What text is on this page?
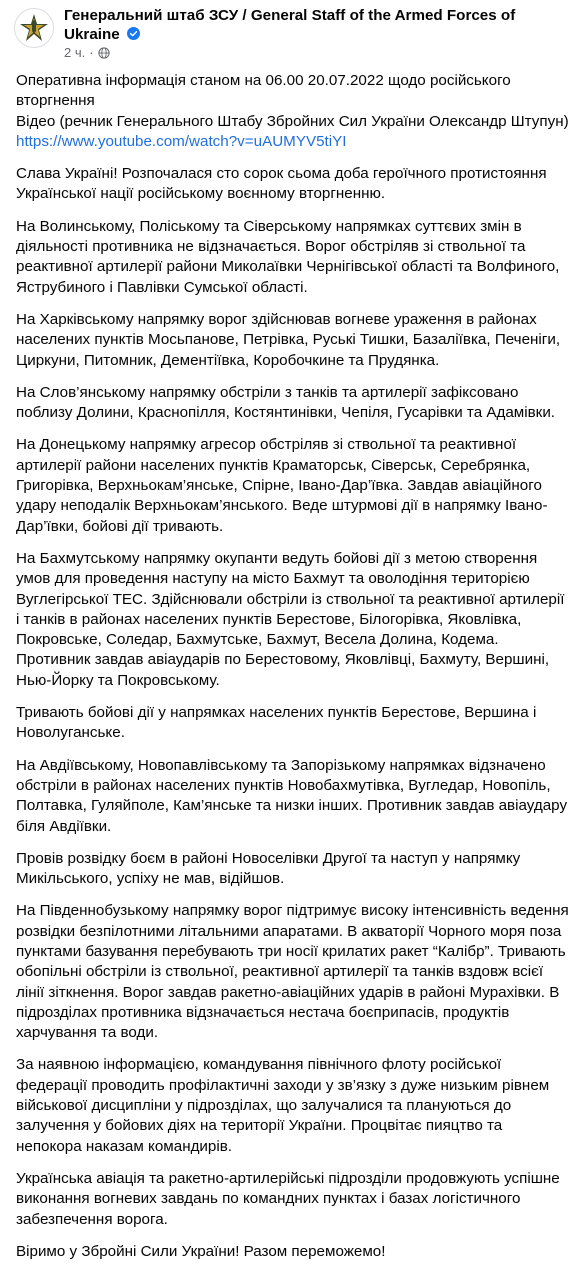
Генеральний штаб ЗСУ / General Staff of the Armed Forces of Ukraine
2 ч. ·

Оперативна інформація станом на 06.00 20.07.2022 щодо російського вторгнення
Відео (речник Генерального Штабу Збройних Сил України Олександр Штупун)
https://www.youtube.com/watch?v=uAUMYV5tiYI

Слава Україні! Розпочалася сто сорок сьома доба героїчного протистояння Української нації російському воєнному вторгненню.

На Волинському, Поліському та Сіверському напрямках суттєвих змін в діяльності противника не відзначається. Ворог обстріляв зі ствольної та реактивної артилерії райони Миколаївки Чернігівської області та Волфиного, Яструбиного і Павлівки Сумської області.

На Харківському напрямку ворог здійснював вогневе ураження в районах населених пунктів Мосьпанове, Петрівка, Руські Тишки, Базаліївка, Печеніги, Циркуни, Питомник, Дементіївка, Коробочкине та Прудянка.

На Слов’янському напрямку обстріли з танків та артилерії зафіксовано поблизу Долини, Краснопілля, Костянтинівки, Чепіля, Гусарівки та Адамівки.

На Донецькому напрямку агресор обстріляв зі ствольної та реактивної артилерії райони населених пунктів Краматорськ, Сіверськ, Серебрянка, Григорівка, Верхньокам’янське, Спірне, Івано-Дар’ївка. Завдав авіаційного удару неподалік Верхньокам’янського. Веде штурмові дії в напрямку Івано-Дар’ївки, бойові дії тривають.

На Бахмутському напрямку окупанти ведуть бойові дії з метою створення умов для проведення наступу на місто Бахмут та оволодіння територією Вуглегірської ТЕС. Здійснювали обстріли із ствольної та реактивної артилерії і танків в районах населених пунктів Берестове, Білогорівка, Яковлівка, Покровське, Соледар, Бахмутське, Бахмут, Весела Долина, Кодема. Противник завдав авіаударів по Берестовому, Яковлівці, Бахмуту, Вершині, Нью-Йорку та Покровському.

Тривають бойові дії у напрямках населених пунктів Берестове, Вершина і Новолуганське.

На Авдіївському, Новопавлівському та Запорізькому напрямках відзначено обстріли в районах населених пунктів Новобахмутівка, Вугледар, Новопіль, Полтавка, Гуляйполе, Кам’янське та низки інших. Противник завдав авіаудару біля Авдіївки.

Провів розвідку боєм в районі Новоселівки Другої та наступ у напрямку Микільського, успіху не мав, відійшов.

На Південнобузькому напрямку ворог підтримує високу інтенсивність ведення розвідки безпілотними літальними апаратами. В акваторії Чорного моря поза пунктами базування перебувають три носії крилатих ракет “Калібр”. Тривають обопільні обстріли із ствольної, реактивної артилерії та танків вздовж всієї лінії зіткнення. Ворог завдав ракетно-авіаційних ударів в районі Мурахівки. В підрозділах противника відзначається нестача боєприпасів, продуктів харчування та води.

За наявною інформацією, командування північного флоту російської федерації проводить профілактичні заходи у зв’язку з дуже низьким рівнем військової дисципліни у підрозділах, що залучалися та плануються до залучення у бойових діях на території України. Процвітає пияцтво та непокора наказам командирів.

Українська авіація та ракетно-артилерійські підрозділи продовжують успішне виконання вогневих завдань по командних пунктах і базах логістичного забезпечення ворога.

Віримо у Збройні Сили України! Разом переможемо!
